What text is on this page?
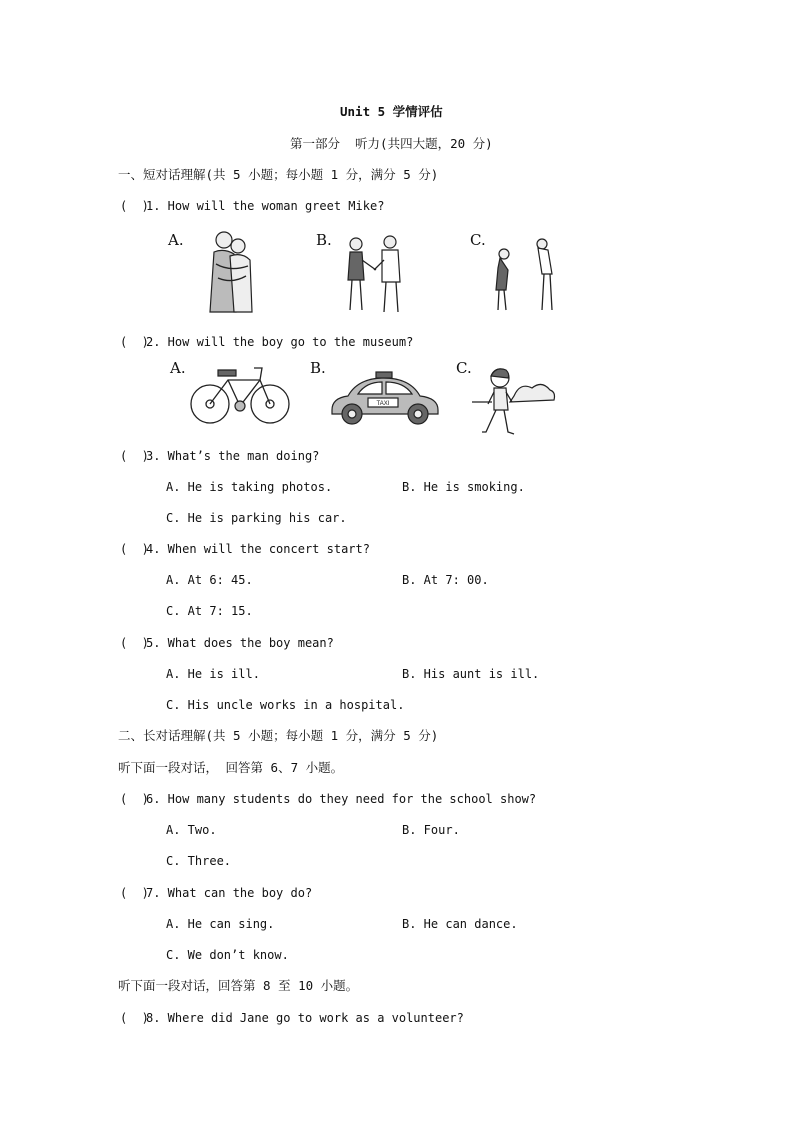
Unit 5 学情评估
第一部分  听力(共四大题，20 分)
一、短对话理解(共 5 小题；每小题 1 分，满分 5 分)
(  )
1. How will the woman greet Mike?
A.	B.	C.
(  )
2. How will the boy go to the museum?
A.	B.
TAXI
C.
(  )
3. What’s the man doing?
A. He is taking photos.	B. He is smoking.
C. He is parking his car.
(  )
4. When will the concert start?
A. At 6: 45.	B. At 7: 00.
C. At 7: 15.
(  )
5. What does the boy mean?
A. He is ill.	B. His aunt is ill.
C. His uncle works in a hospital.
二、长对话理解(共 5 小题；每小题 1 分，满分 5 分)
听下面一段对话， 回答第 6、7 小题。
(  )
6. How many students do they need for the school show?
A. Two.	B. Four.
C. Three.
(  )
7. What can the boy do?
A. He can sing.	B. He can dance.
C. We don’t know.
听下面一段对话，回答第 8 至 10 小题。
(  )
8. Where did Jane go to work as a volunteer?
